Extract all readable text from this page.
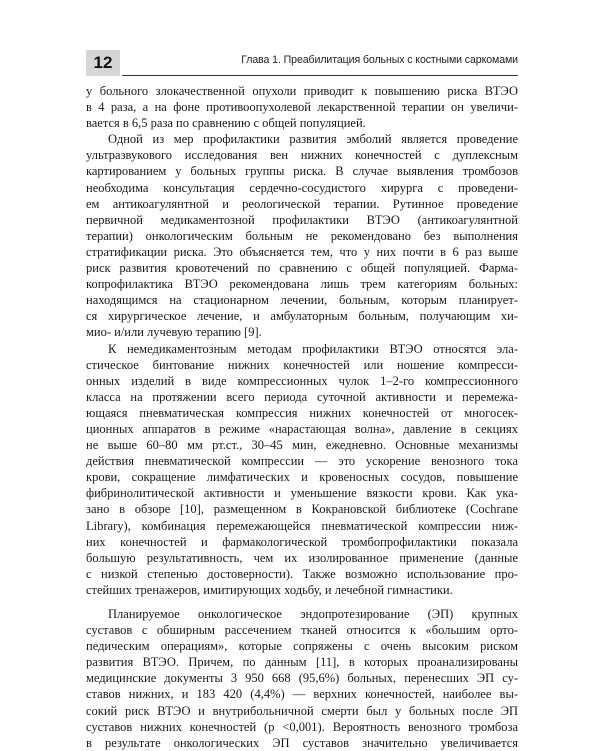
12	Глава 1. Преабилитация больных с костными саркомами

у больного злокачественной опухоли приводит к повышению риска ВТЭО
в 4 раза, а на фоне противоопухолевой лекарственной терапии он увеличи-
вается в 6,5 раза по сравнению с общей популяцией.

Одной из мер профилактики развития эмболий является проведение
ультразвукового исследования вен нижних конечностей с дуплексным
картированием у больных группы риска. В случае выявления тромбозов
необходима консультация сердечно-сосудистого хирурга с проведени-
ем антикоагулянтной и реологической терапии. Рутинное проведение
первичной медикаментозной профилактики ВТЭО (антикоагулянтной
терапии) онкологическим больным не рекомендовано без выполнения
стратификации риска. Это объясняется тем, что у них почти в 6 раз выше
риск развития кровотечений по сравнению с общей популяцией. Фарма-
копрофилактика ВТЭО рекомендована лишь трем категориям больных:
находящимся на стационарном лечении, больным, которым планирует-
ся хирургическое лечение, и амбулаторным больным, получающим хи-
мио- и/или лучевую терапию [9].

К немедикаментозным методам профилактики ВТЭО относятся эла-
стическое бинтование нижних конечностей или ношение компресси-
онных изделий в виде компрессионных чулок 1–2-го компрессионного
класса на протяжении всего периода суточной активности и перемежа-
ющаяся пневматическая компрессия нижних конечностей от многосек-
ционных аппаратов в режиме «нарастающая волна», давление в секциях
не выше 60–80 мм рт.ст., 30–45 мин, ежедневно. Основные механизмы
действия пневматической компрессии — это ускорение венозного тока
крови, сокращение лимфатических и кровеносных сосудов, повышение
фибринолитической активности и уменьшение вязкости крови. Как ука-
зано в обзоре [10], размещенном в Кокрановской библиотеке (Cochrane
Library), комбинация перемежающейся пневматической компрессии ниж-
них конечностей и фармакологической тромбопрофилактики показала
большую результативность, чем их изолированное применение (данные
с низкой степенью достоверности). Также возможно использование про-
стейших тренажеров, имитирующих ходьбу, и лечебной гимнастики.

Планируемое онкологическое эндопротезирование (ЭП) крупных
суставов с обширным рассечением тканей относится к «большим орто-
педическим операциям», которые сопряжены с очень высоким риском
развития ВТЭО. Причем, по данным [11], в которых проанализированы
медицинские документы 3 950 668 (95,6%) больных, перенесших ЭП су-
ставов нижних, и 183 420 (4,4%) — верхних конечностей, наиболее вы-
сокий риск ВТЭО и внутрибольничной смерти был у больных после ЭП
суставов нижних конечностей (p <0,001). Вероятность венозного тромбоза
в результате онкологических ЭП суставов значительно увеличивается
